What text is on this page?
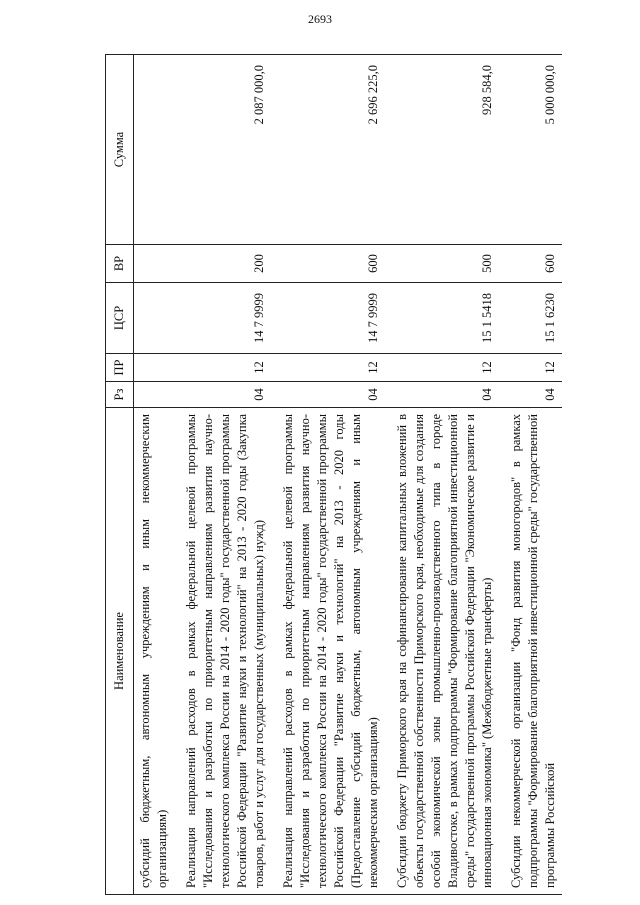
2693
Наименование	Рз	ПР	ЦСР	ВР	Сумма
субсидий бюджетным, автономным учреждениям и иным некоммерческим организациям)					

Реализация направлений расходов в рамках федеральной целевой программы "Исследования и разработки по приоритетным направлениям развития научно-технологического комплекса России на 2014 - 2020 годы" государственной программы Российской Федерации "Развитие науки и технологий" на 2013 - 2020 годы (Закупка товаров, работ и услуг для государственных (муниципальных) нужд)	04	12	14 7 9999	200	2 087 000,0

Реализация направлений расходов в рамках федеральной целевой программы "Исследования и разработки по приоритетным направлениям развития научно-технологического комплекса России на 2014 - 2020 годы" государственной программы Российской Федерации "Развитие науки и технологий" на 2013 - 2020 годы (Предоставление субсидий бюджетным, автономным учреждениям и иным некоммерческим организациям)	04	12	14 7 9999	600	2 696 225,0

Субсидии бюджету Приморского края на софинансирование капитальных вложений в объекты государственной собственности Приморского края, необходимые для создания особой экономической зоны промышленно-производственного типа в городе Владивостоке, в рамках подпрограммы "Формирование благоприятной инвестиционной среды" государственной программы Российской Федерации "Экономическое развитие и инновационная экономика" (Межбюджетные трансферты)	04	12	15 1 5418	500	928 584,0

Субсидии некоммерческой организации "Фонд развития моногородов" в рамках подпрограммы "Формирование благоприятной инвестиционной среды" государственной программы Российской	04	12	15 1 6230	600	5 000 000,0
